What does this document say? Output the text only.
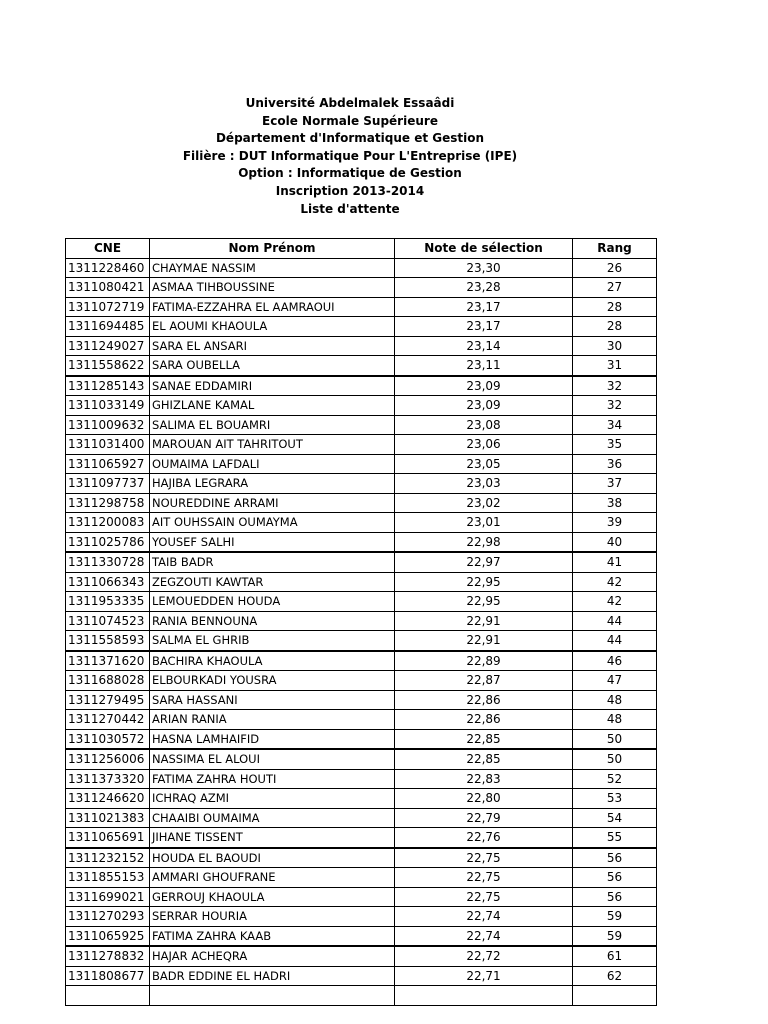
Université Abdelmalek Essaâdi
Ecole Normale Supérieure
Département d'Informatique et Gestion
Filière : DUT Informatique Pour L'Entreprise (IPE)
Option : Informatique de Gestion
Inscription 2013-2014
Liste d'attente
CNE	Nom Prénom	Note de sélection	Rang
1311228460	CHAYMAE NASSIM	23,30	26
1311080421	ASMAA TIHBOUSSINE	23,28	27
1311072719	FATIMA-EZZAHRA EL AAMRAOUI	23,17	28
1311694485	EL AOUMI KHAOULA	23,17	28
1311249027	SARA EL ANSARI	23,14	30
1311558622	SARA OUBELLA	23,11	31
1311285143	SANAE EDDAMIRI	23,09	32
1311033149	GHIZLANE KAMAL	23,09	32
1311009632	SALIMA EL BOUAMRI	23,08	34
1311031400	MAROUAN AIT TAHRITOUT	23,06	35
1311065927	OUMAIMA LAFDALI	23,05	36
1311097737	HAJIBA LEGRARA	23,03	37
1311298758	NOUREDDINE ARRAMI	23,02	38
1311200083	AIT OUHSSAIN OUMAYMA	23,01	39
1311025786	YOUSEF SALHI	22,98	40
1311330728	TAIB BADR	22,97	41
1311066343	ZEGZOUTI KAWTAR	22,95	42
1311953335	LEMOUEDDEN HOUDA	22,95	42
1311074523	RANIA BENNOUNA	22,91	44
1311558593	SALMA EL GHRIB	22,91	44
1311371620	BACHIRA KHAOULA	22,89	46
1311688028	ELBOURKADI YOUSRA	22,87	47
1311279495	SARA HASSANI	22,86	48
1311270442	ARIAN RANIA	22,86	48
1311030572	HASNA LAMHAIFID	22,85	50
1311256006	NASSIMA EL ALOUI	22,85	50
1311373320	FATIMA ZAHRA HOUTI	22,83	52
1311246620	ICHRAQ AZMI	22,80	53
1311021383	CHAAIBI OUMAIMA	22,79	54
1311065691	JIHANE TISSENT	22,76	55
1311232152	HOUDA EL BAOUDI	22,75	56
1311855153	AMMARI GHOUFRANE	22,75	56
1311699021	GERROUJ KHAOULA	22,75	56
1311270293	SERRAR HOURIA	22,74	59
1311065925	FATIMA ZAHRA KAAB	22,74	59
1311278832	HAJAR ACHEQRA	22,72	61
1311808677	BADR EDDINE EL HADRI	22,71	62
